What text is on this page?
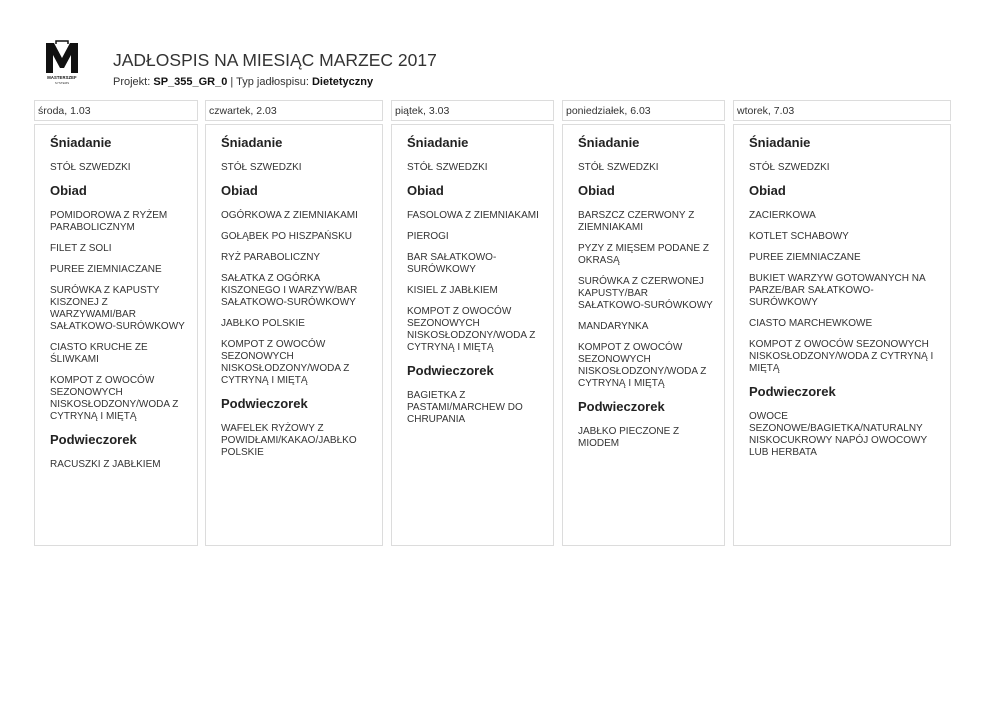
MASTERSZEF
SYSTEMS
JADŁOSPIS NA MIESIĄC MARZEC 2017
Projekt: SP_355_GR_0 | Typ jadłospisu: Dietetyczny
środa, 1.03
Śniadanie
STÓŁ SZWEDZKI
Obiad
POMIDOROWA Z RYŻEM PARABOLICZNYM
FILET Z SOLI
PUREE ZIEMNIACZANE
SURÓWKA Z KAPUSTY KISZONEJ Z WARZYWAMI/BAR SAŁATKOWO-SURÓWKOWY
CIASTO KRUCHE ZE ŚLIWKAMI
KOMPOT Z OWOCÓW SEZONOWYCH NISKOSŁODZONY/WODA Z CYTRYNĄ I MIĘTĄ
Podwieczorek
RACUSZKI Z JABŁKIEM
czwartek, 2.03
Śniadanie
STÓŁ SZWEDZKI
Obiad
OGÓRKOWA Z ZIEMNIAKAMI
GOŁĄBEK PO HISZPAŃSKU
RYŻ PARABOLICZNY
SAŁATKA Z OGÓRKA KISZONEGO I WARZYW/BAR SAŁATKOWO-SURÓWKOWY
JABŁKO POLSKIE
KOMPOT Z OWOCÓW SEZONOWYCH NISKOSŁODZONY/WODA Z CYTRYNĄ I MIĘTĄ
Podwieczorek
WAFELEK RYŻOWY Z POWIDŁAMI/KAKAO/JABŁKO POLSKIE
piątek, 3.03
Śniadanie
STÓŁ SZWEDZKI
Obiad
FASOLOWA Z ZIEMNIAKAMI
PIEROGI
BAR SAŁATKOWO-SURÓWKOWY
KISIEL Z JABŁKIEM
KOMPOT Z OWOCÓW SEZONOWYCH NISKOSŁODZONY/WODA Z CYTRYNĄ I MIĘTĄ
Podwieczorek
BAGIETKA Z PASTAMI/MARCHEW DO CHRUPANIA
poniedziałek, 6.03
Śniadanie
STÓŁ SZWEDZKI
Obiad
BARSZCZ CZERWONY Z ZIEMNIAKAMI
PYZY Z MIĘSEM PODANE Z OKRASĄ
SURÓWKA Z CZERWONEJ KAPUSTY/BAR SAŁATKOWO-SURÓWKOWY
MANDARYNKA
KOMPOT Z OWOCÓW SEZONOWYCH NISKOSŁODZONY/WODA Z CYTRYNĄ I MIĘTĄ
Podwieczorek
JABŁKO PIECZONE Z MIODEM
wtorek, 7.03
Śniadanie
STÓŁ SZWEDZKI
Obiad
ZACIERKOWA
KOTLET SCHABOWY
PUREE ZIEMNIACZANE
BUKIET WARZYW GOTOWANYCH NA PARZE/BAR SAŁATKOWO-SURÓWKOWY
CIASTO MARCHEWKOWE
KOMPOT Z OWOCÓW SEZONOWYCH NISKOSŁODZONY/WODA Z CYTRYNĄ I MIĘTĄ
Podwieczorek
OWOCE SEZONOWE/BAGIETKA/NATURALNY NISKOCUKROWY NAPÓJ OWOCOWY LUB HERBATA
